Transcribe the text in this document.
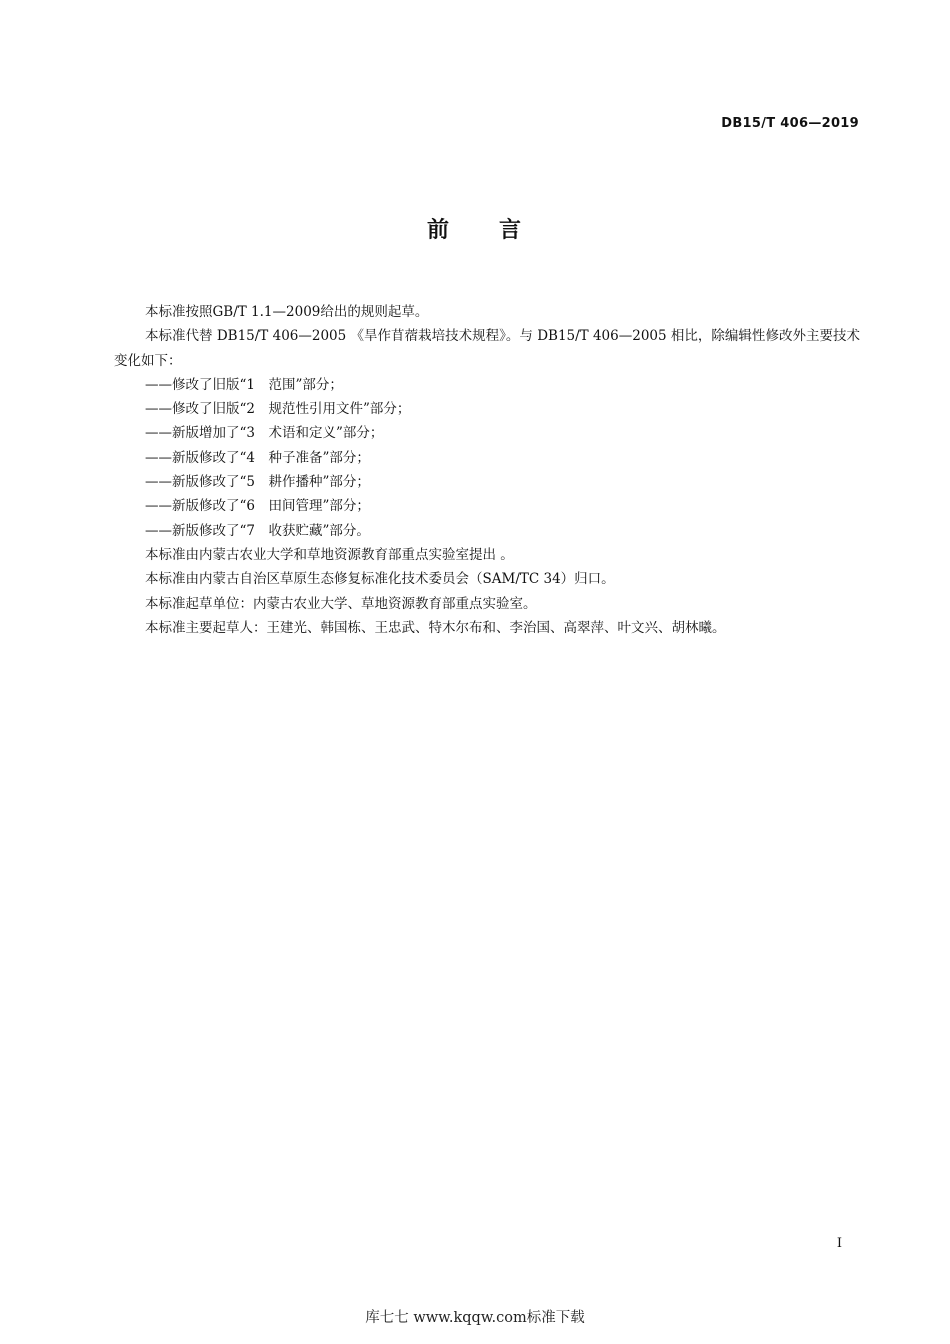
DB15/T 406—2019
前　　言

本标准按照GB/T 1.1—2009给出的规则起草。

本标准代替 DB15/T 406—2005 《旱作苜蓿栽培技术规程》。与 DB15/T 406—2005 相比，除编辑性修改外主要技术变化如下：

——修改了旧版“1　范围”部分；

——修改了旧版“2　规范性引用文件”部分；

——新版增加了“3　术语和定义”部分；

——新版修改了“4　种子准备”部分；

——新版修改了“5　耕作播种”部分；

——新版修改了“6　田间管理”部分；

——新版修改了“7　收获贮藏”部分。

本标准由内蒙古农业大学和草地资源教育部重点实验室提出 。

本标准由内蒙古自治区草原生态修复标准化技术委员会（SAM/TC 34）归口。

本标准起草单位：内蒙古农业大学、草地资源教育部重点实验室。

本标准主要起草人：王建光、韩国栋、王忠武、特木尔布和、李治国、高翠萍、叶文兴、胡林曦。

I
库七七 www.kqqw.com标准下载
